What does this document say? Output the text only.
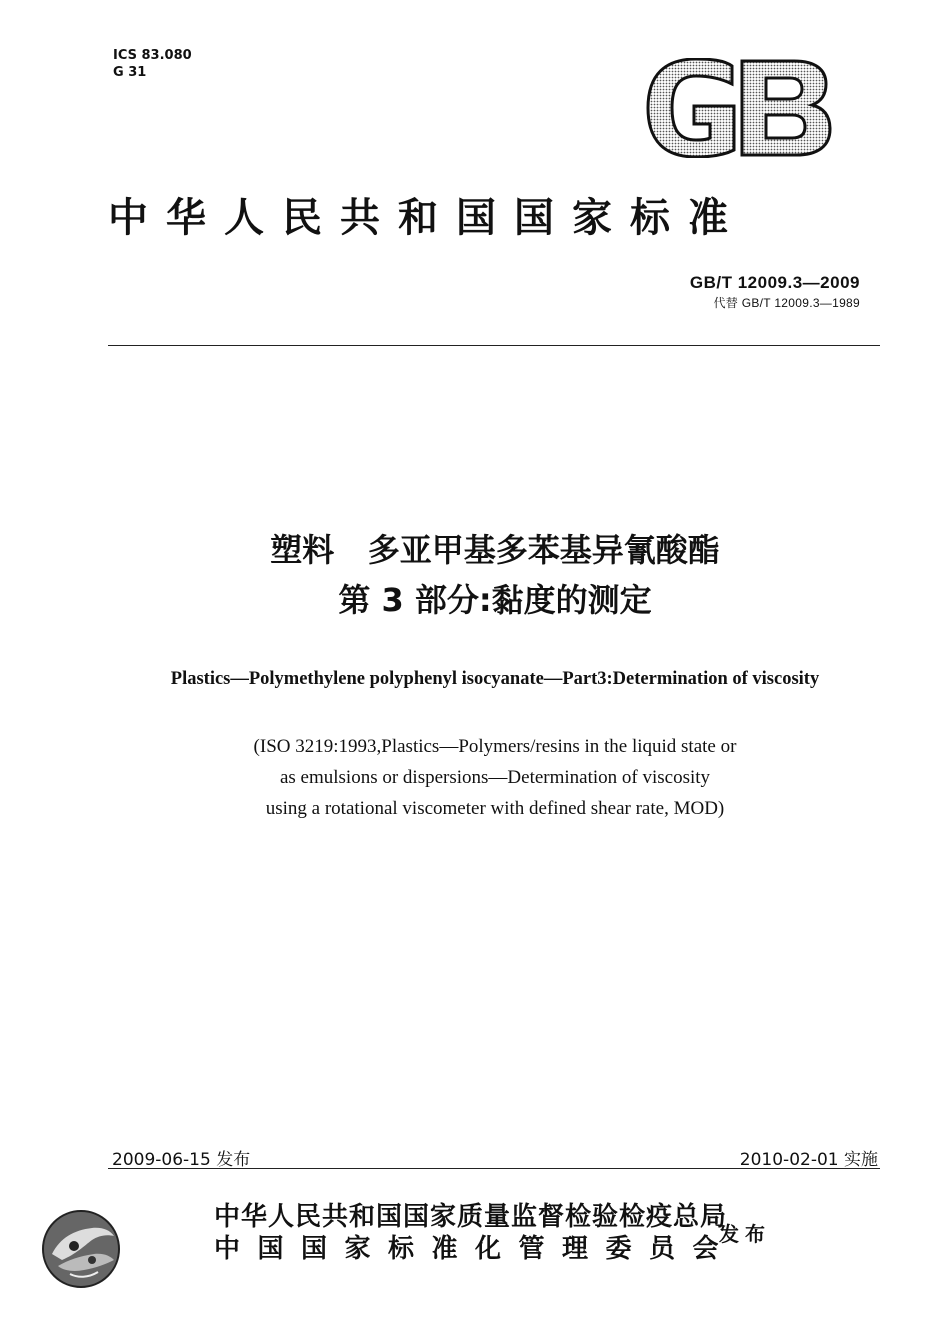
ICS 83.080
G 31
中华人民共和国国家标准
GB/T 12009.3—2009
代替 GB/T 12009.3—1989
塑料   多亚甲基多苯基异氰酸酯
第 3 部分:黏度的测定
Plastics—Polymethylene polyphenyl isocyanate—Part3:Determination of viscosity
(ISO 3219:1993,Plastics—Polymers/resins in the liquid state or
as emulsions or dispersions—Determination of viscosity
using a rotational viscometer with defined shear rate, MOD)
2009-06-15 发布	2010-02-01 实施
中华人民共和国国家质量监督检验检疫总局
中国国家标准化管理委员会
发布
